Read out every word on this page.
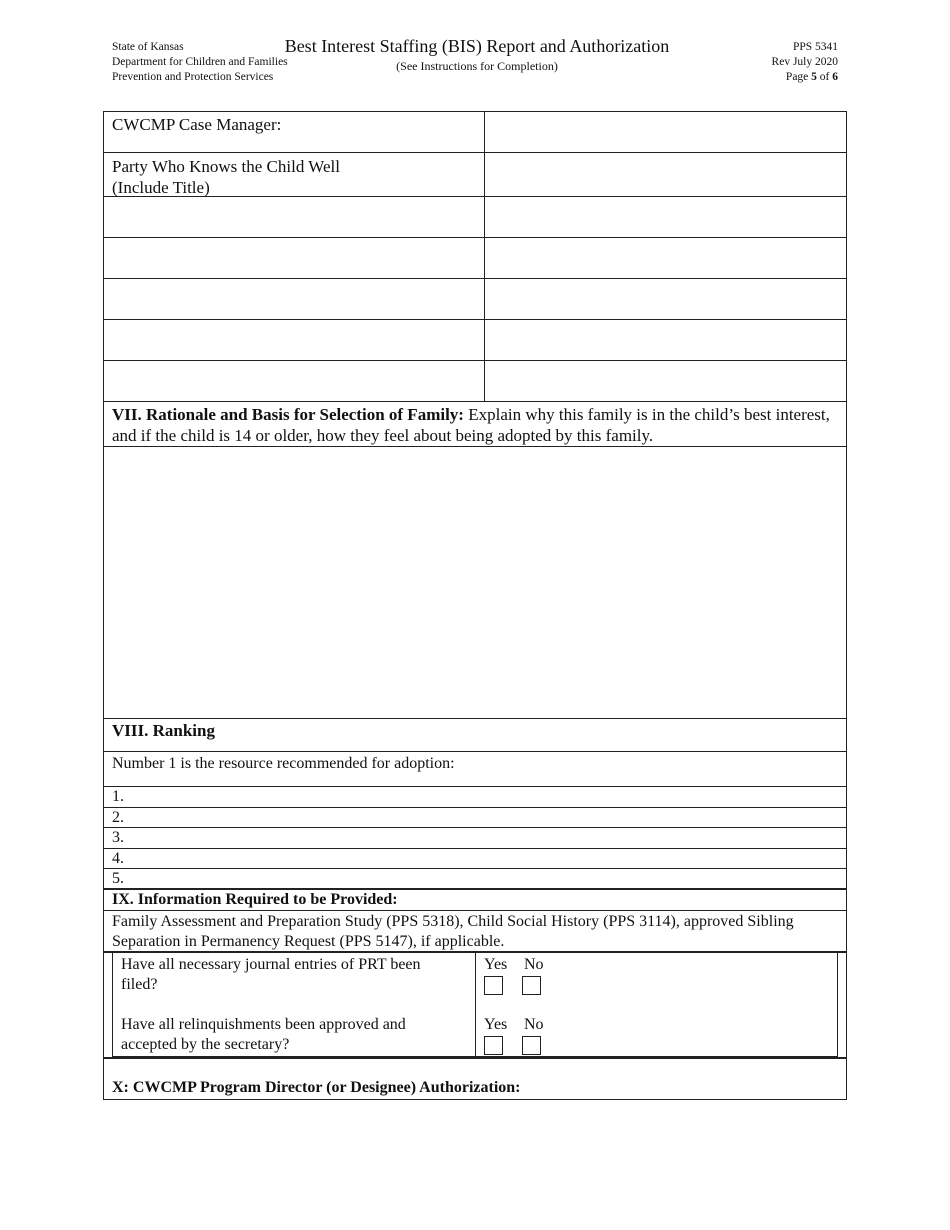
State of Kansas
Department for Children and Families
Prevention and Protection Services
Best Interest Staffing (BIS) Report and Authorization
(See Instructions for Completion)
PPS 5341
Rev July 2020
Page 5 of 6
CWCMP Case Manager:
Party Who Knows the Child Well
(Include Title)
VII. Rationale and Basis for Selection of Family: Explain why this family is in the child’s best interest, and if the child is 14 or older, how they feel about being adopted by this family.
VIII. Ranking
Number 1 is the resource recommended for adoption:
1.
2.
3.
4.
5.
IX. Information Required to be Provided:
Family Assessment and Preparation Study (PPS 5318), Child Social History (PPS 3114), approved Sibling Separation in Permanency Request (PPS 5147), if applicable.
Have all necessary journal entries of PRT been
filed?
Have all relinquishments been approved and
accepted by the secretary?
Yes No
Yes No
X: CWCMP Program Director (or Designee) Authorization:
